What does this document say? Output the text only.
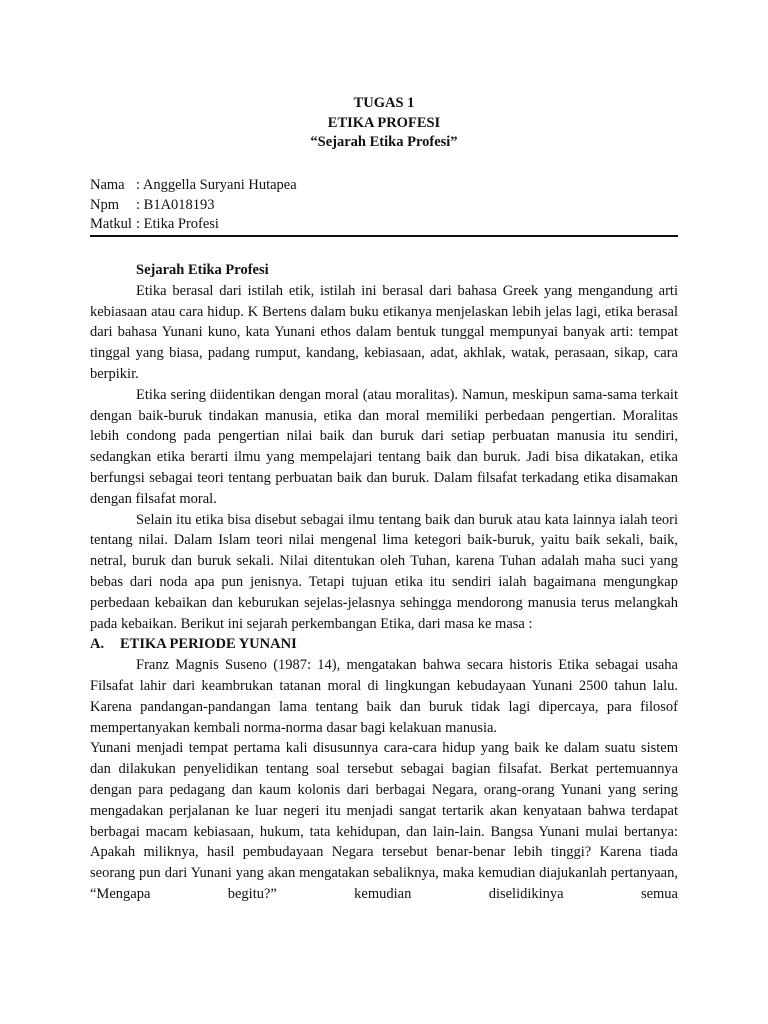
TUGAS 1
ETIKA PROFESI
“Sejarah Etika Profesi”
Nama : Anggella Suryani Hutapea
Npm	: B1A018193
Matkul : Etika Profesi

Sejarah Etika Profesi

Etika berasal dari istilah etik, istilah ini berasal dari bahasa Greek yang mengandung arti kebiasaan atau cara hidup. K Bertens dalam buku etikanya menjelaskan lebih jelas lagi, etika berasal dari bahasa Yunani kuno, kata Yunani ethos dalam bentuk tunggal mempunyai banyak arti: tempat tinggal yang biasa, padang rumput, kandang, kebiasaan, adat, akhlak, watak, perasaan, sikap, cara berpikir.

Etika sering diidentikan dengan moral (atau moralitas). Namun, meskipun sama-sama terkait dengan baik-buruk tindakan manusia, etika dan moral memiliki perbedaan pengertian. Moralitas lebih condong pada pengertian nilai baik dan buruk dari setiap perbuatan manusia itu sendiri, sedangkan etika berarti ilmu yang mempelajari tentang baik dan buruk. Jadi bisa dikatakan, etika berfungsi sebagai teori tentang perbuatan baik dan buruk. Dalam filsafat terkadang etika disamakan dengan filsafat moral.

Selain itu etika bisa disebut sebagai ilmu tentang baik dan buruk atau kata lainnya ialah teori tentang nilai. Dalam Islam teori nilai mengenal lima ketegori baik-buruk, yaitu baik sekali, baik, netral, buruk dan buruk sekali. Nilai ditentukan oleh Tuhan, karena Tuhan adalah maha suci yang bebas dari noda apa pun jenisnya. Tetapi tujuan etika itu sendiri ialah bagaimana mengungkap perbedaan kebaikan dan keburukan sejelas-jelasnya sehingga mendorong manusia terus melangkah pada kebaikan. Berikut ini sejarah perkembangan Etika, dari masa ke masa :

A.	ETIKA PERIODE YUNANI

Franz Magnis Suseno (1987: 14), mengatakan bahwa secara historis Etika sebagai usaha Filsafat lahir dari keambrukan tatanan moral di lingkungan kebudayaan Yunani 2500 tahun lalu. Karena pandangan-pandangan lama tentang baik dan buruk tidak lagi dipercaya, para filosof mempertanyakan kembali norma-norma dasar bagi kelakuan manusia.

Yunani menjadi tempat pertama kali disusunnya cara-cara hidup yang baik ke dalam suatu sistem dan dilakukan penyelidikan tentang soal tersebut sebagai bagian filsafat. Berkat pertemuannya dengan para pedagang dan kaum kolonis dari berbagai Negara, orang-orang Yunani yang sering mengadakan perjalanan ke luar negeri itu menjadi sangat tertarik akan kenyataan bahwa terdapat berbagai macam kebiasaan, hukum, tata kehidupan, dan lain-lain. Bangsa Yunani mulai bertanya: Apakah miliknya, hasil pembudayaan Negara tersebut benar-benar lebih tinggi? Karena tiada seorang pun dari Yunani yang akan mengatakan sebaliknya, maka kemudian diajukanlah pertanyaan, “Mengapa begitu?” kemudian diselidikinya semua
